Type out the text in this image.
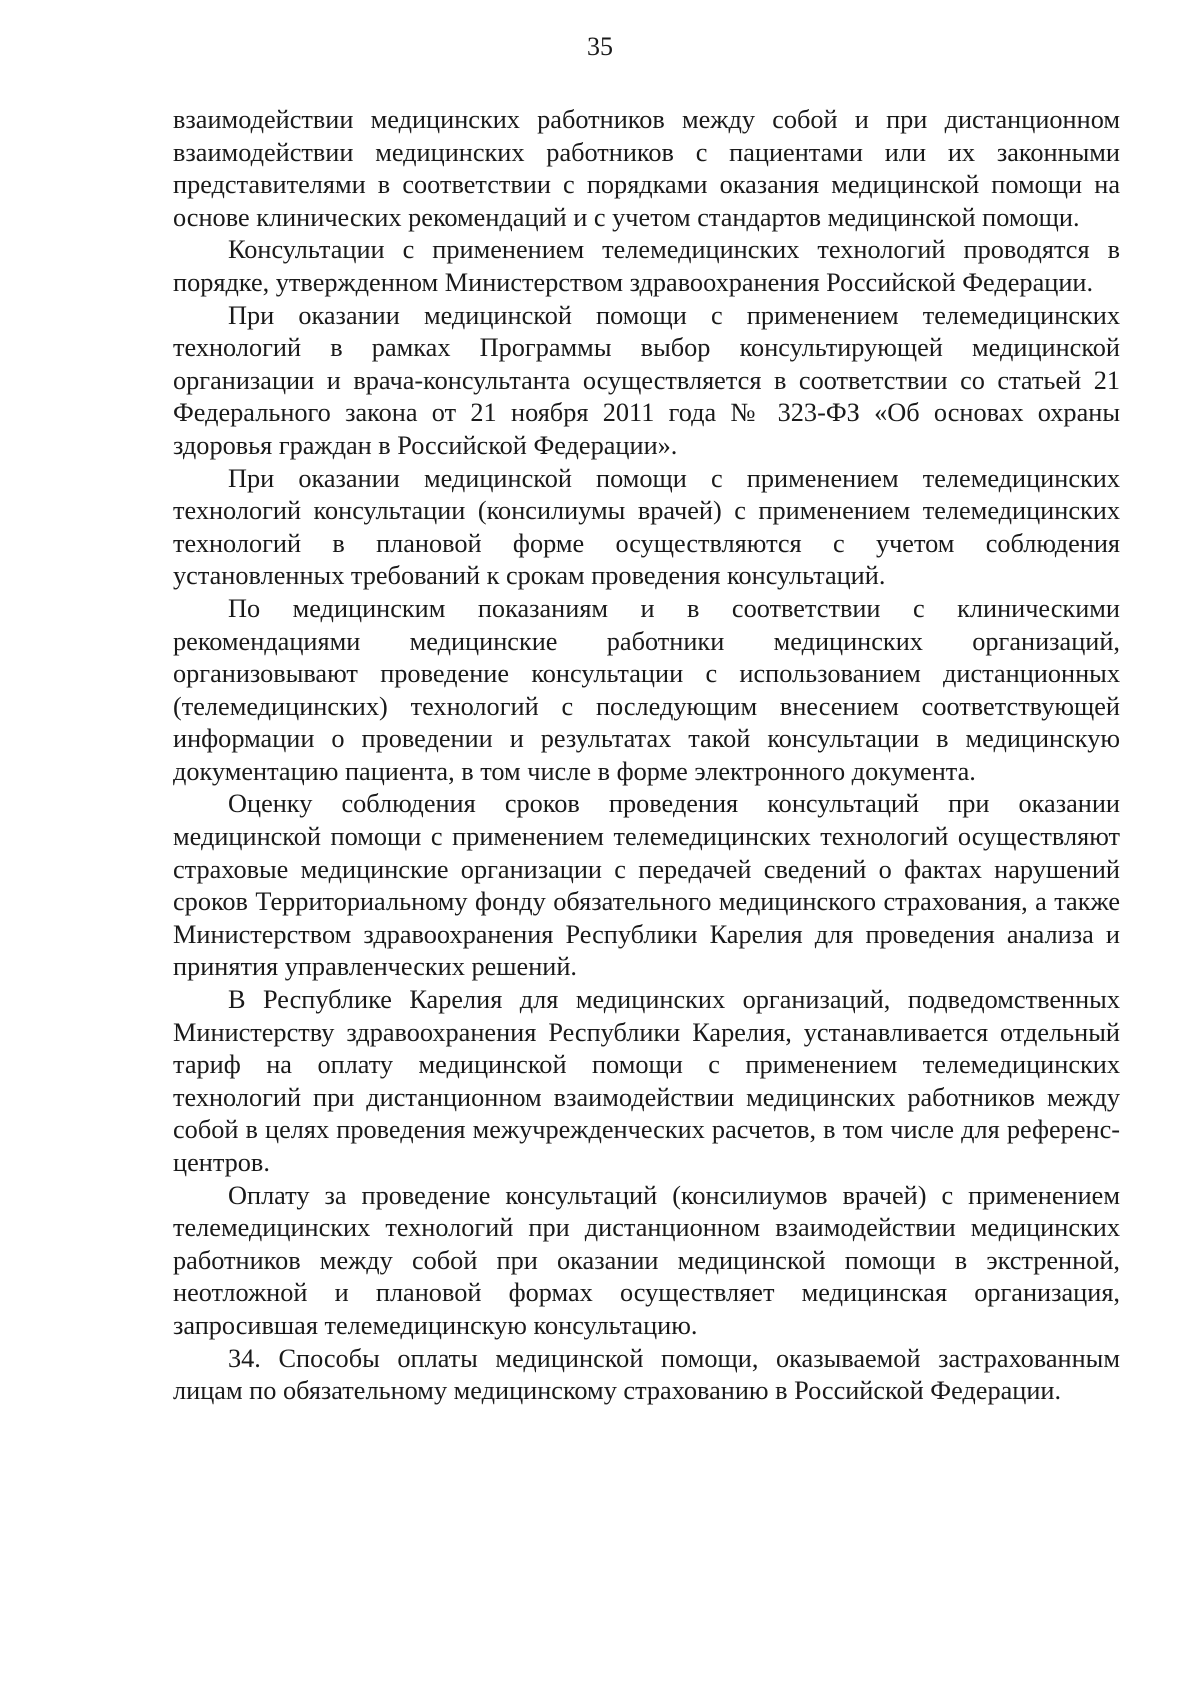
35

взаимодействии медицинских работников между собой и при дистанционном взаимодействии медицинских работников с пациентами или их законными представителями в соответствии с порядками оказания медицинской помощи на основе клинических рекомендаций и с учетом стандартов медицинской помощи.

Консультации с применением телемедицинских технологий проводятся в порядке, утвержденном Министерством здравоохранения Российской Федерации.

При оказании медицинской помощи с применением телемедицинских технологий в рамках Программы выбор консультирующей медицинской организации и врача-консультанта осуществляется в соответствии со статьей 21 Федерального закона от 21 ноября 2011 года № 323-ФЗ «Об основах охраны здоровья граждан в Российской Федерации».

При оказании медицинской помощи с применением телемедицинских технологий консультации (консилиумы врачей) с применением телемедицинских технологий в плановой форме осуществляются с учетом соблюдения установленных требований к срокам проведения консультаций.

По медицинским показаниям и в соответствии с клиническими рекомендациями медицинские работники медицинских организаций, организовывают проведение консультации с использованием дистанционных (телемедицинских) технологий с последующим внесением соответствующей информации о проведении и результатах такой консультации в медицинскую документацию пациента, в том числе в форме электронного документа.

Оценку соблюдения сроков проведения консультаций при оказании медицинской помощи с применением телемедицинских технологий осуществляют страховые медицинские организации с передачей сведений о фактах нарушений сроков Территориальному фонду обязательного медицинского страхования, а также Министерством здравоохранения Республики Карелия для проведения анализа и принятия управленческих решений.

В Республике Карелия для медицинских организаций, подведомственных Министерству здравоохранения Республики Карелия, устанавливается отдельный тариф на оплату медицинской помощи с применением телемедицинских технологий при дистанционном взаимодействии медицинских работников между собой в целях проведения межучрежденческих расчетов, в том числе для референс-центров.

Оплату за проведение консультаций (консилиумов врачей) с применением телемедицинских технологий при дистанционном взаимодействии медицинских работников между собой при оказании медицинской помощи в экстренной, неотложной и плановой формах осуществляет медицинская организация, запросившая телемедицинскую консультацию.

34. Способы оплаты медицинской помощи, оказываемой застрахованным лицам по обязательному медицинскому страхованию в Российской Федерации.
